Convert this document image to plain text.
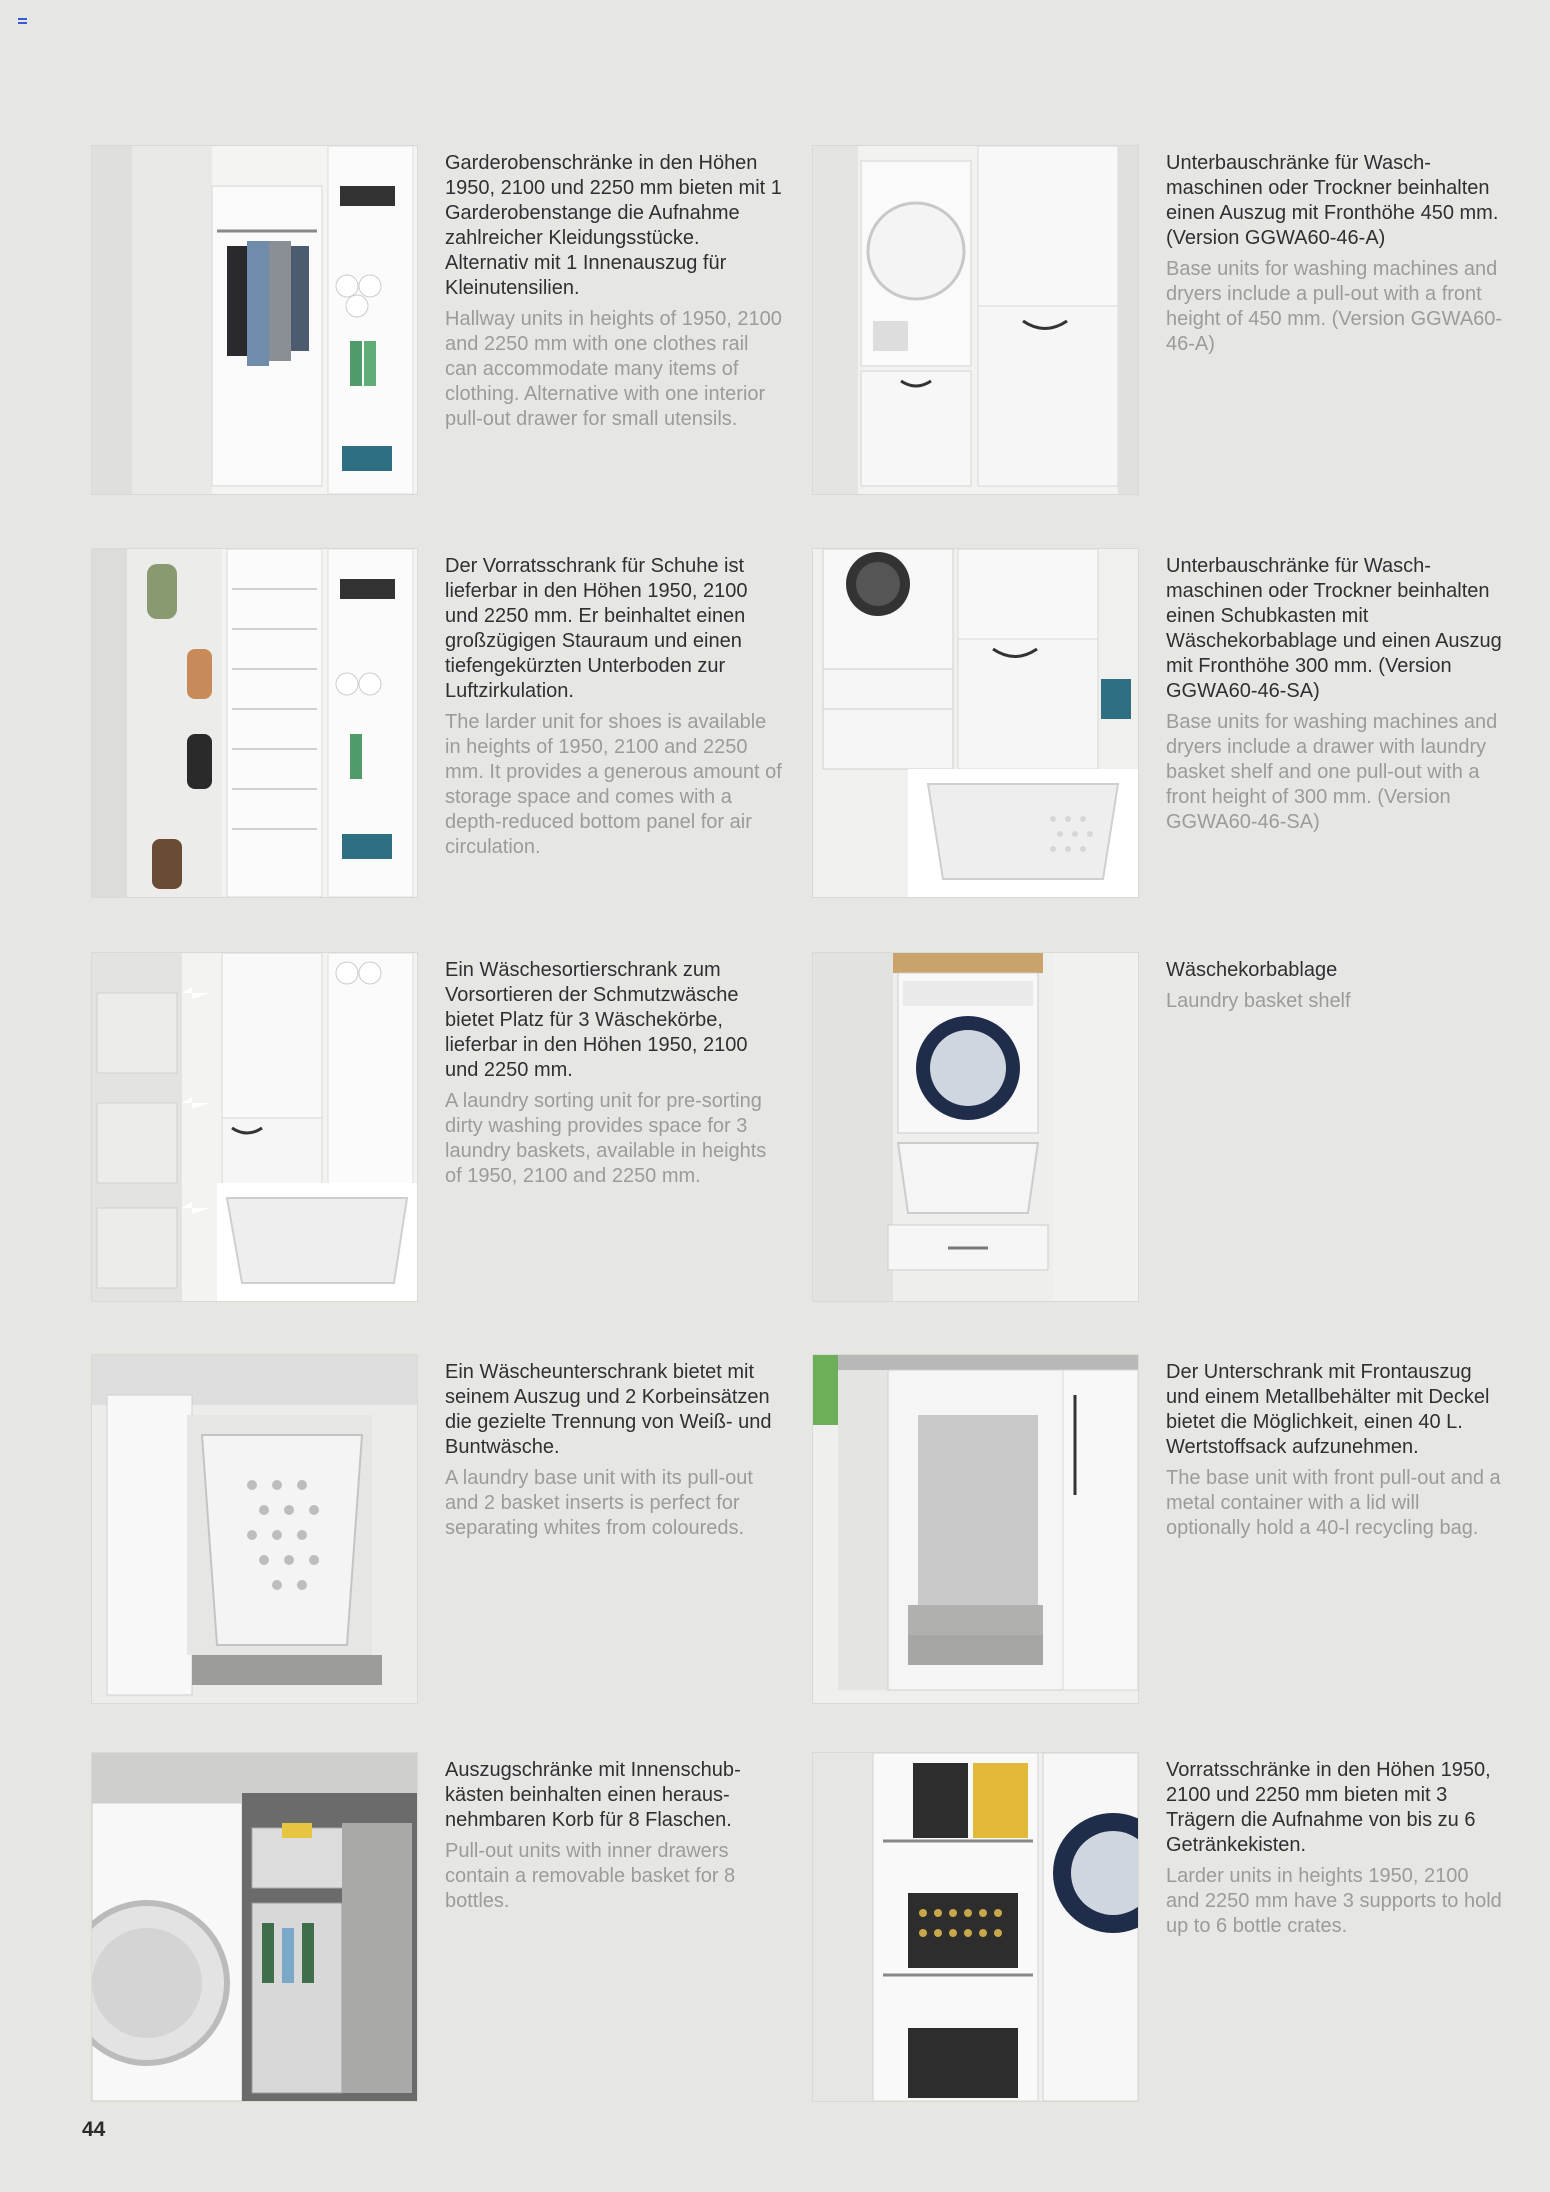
Garderobenschränke in den Höhen 1950, 2100 und 2250 mm bieten mit 1 Garderobenstange die Aufnahme zahlreicher Kleidungsstücke. Alternativ mit 1 Innenauszug für Kleinutensilien.

Hallway units in heights of 1950, 2100 and 2250 mm with one clothes rail can accommodate many items of clothing. Alternative with one interior pull-out drawer for small utensils.

Unterbauschränke für Waschmaschinen oder Trockner beinhalten einen Auszug mit Fronthöhe 450 mm. (Version GGWA60-46-A)

Base units for washing machines and dryers include a pull-out with a front height of 450 mm. (Version GGWA60-46-A)

Der Vorratsschrank für Schuhe ist lieferbar in den Höhen 1950, 2100 und 2250 mm. Er beinhaltet einen großzügigen Stauraum und einen tiefengekürzten Unterboden zur Luftzirkulation.

The larder unit for shoes is available in heights of 1950, 2100 and 2250 mm. It provides a generous amount of storage space and comes with a depth-reduced bottom panel for air circulation.

Unterbauschränke für Waschmaschinen oder Trockner beinhalten einen Schubkasten mit Wäschekorbablage und einen Auszug mit Fronthöhe 300 mm. (Version GGWA60-46-SA)

Base units for washing machines and dryers include a drawer with laundry basket shelf and one pull-out with a front height of 300 mm. (Version GGWA60-46-SA)

Ein Wäschesortierschrank zum Vorsortieren der Schmutzwäsche bietet Platz für 3 Wäschekörbe, lieferbar in den Höhen 1950, 2100 und 2250 mm.

A laundry sorting unit for pre-sorting dirty washing provides space for 3 laundry baskets, available in heights of 1950, 2100 and 2250 mm.

Wäschekorbablage

Laundry basket shelf

Ein Wäscheunterschrank bietet mit seinem Auszug und 2 Korbeinsätzen die gezielte Trennung von Weiß- und Buntwäsche.

A laundry base unit with its pull-out and 2 basket inserts is perfect for separating whites from coloureds.

Der Unterschrank mit Frontauszug und einem Metallbehälter mit Deckel bietet die Möglichkeit, einen 40 L. Wertstoffsack aufzunehmen.

The base unit with front pull-out and a metal container with a lid will optionally hold a 40-l recycling bag.

Auszugschränke mit Innenschubkästen beinhalten einen herausnehmbaren Korb für 8 Flaschen.

Pull-out units with inner drawers contain a removable basket for 8 bottles.

Vorratsschränke in den Höhen 1950, 2100 und 2250 mm bieten mit 3 Trägern die Aufnahme von bis zu 6 Getränkekisten.

Larder units in heights 1950, 2100 and 2250 mm have 3 supports to hold up to 6 bottle crates.

44
